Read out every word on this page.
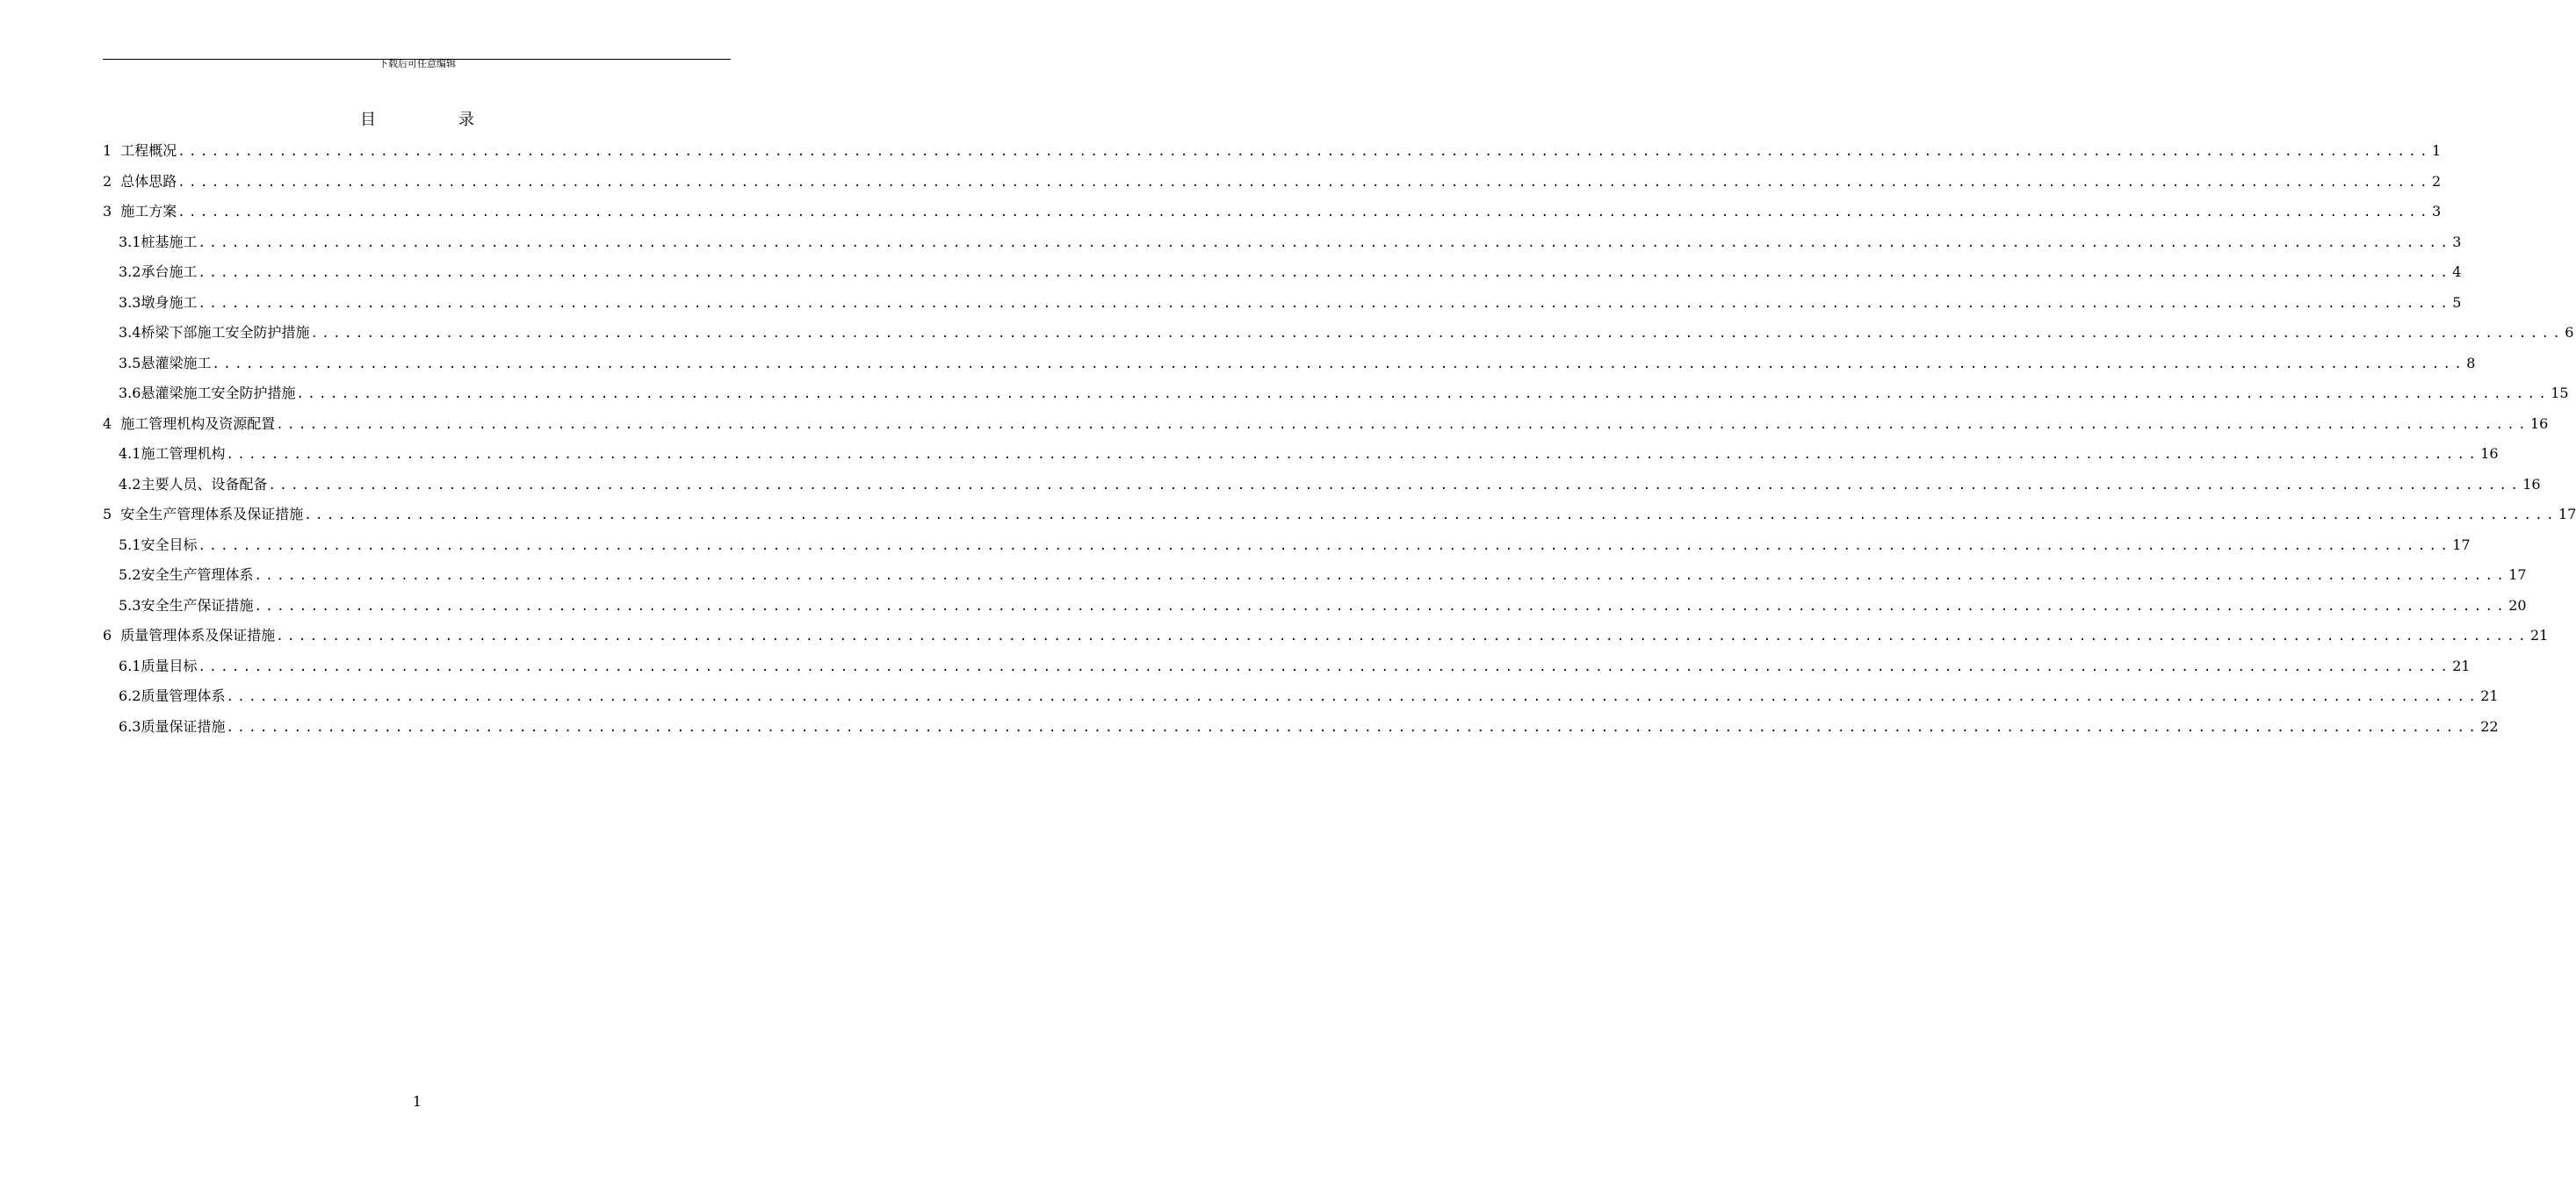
下载后可任意编辑
目　录
1 工程概况 ........................................................................................................................................................................................................ 1
2 总体思路 ........................................................................................................................................................................................................ 2
3 施工方案 ........................................................................................................................................................................................................ 3
3.1 桩基施工 ........................................................................................................................................................................................................ 3
3.2 承台施工 ........................................................................................................................................................................................................ 4
3.3 墩身施工 ........................................................................................................................................................................................................ 5
3.4 桥梁下部施工安全防护措施 ........................................................................................................................................................................................................ 6
3.5 悬灌梁施工 ........................................................................................................................................................................................................ 8
3.6 悬灌梁施工安全防护措施 ........................................................................................................................................................................................................ 15
4 施工管理机构及资源配置 ........................................................................................................................................................................................................ 16
4.1 施工管理机构 ........................................................................................................................................................................................................ 16
4.2 主要人员、设备配备 ........................................................................................................................................................................................................ 16
5 安全生产管理体系及保证措施 ........................................................................................................................................................................................................ 17
5.1 安全目标 ........................................................................................................................................................................................................ 17
5.2 安全生产管理体系 ........................................................................................................................................................................................................ 17
5.3 安全生产保证措施 ........................................................................................................................................................................................................ 20
6 质量管理体系及保证措施 ........................................................................................................................................................................................................ 21
6.1 质量目标 ........................................................................................................................................................................................................ 21
6.2 质量管理体系 ........................................................................................................................................................................................................ 21
6.3 质量保证措施 ........................................................................................................................................................................................................ 22
1
